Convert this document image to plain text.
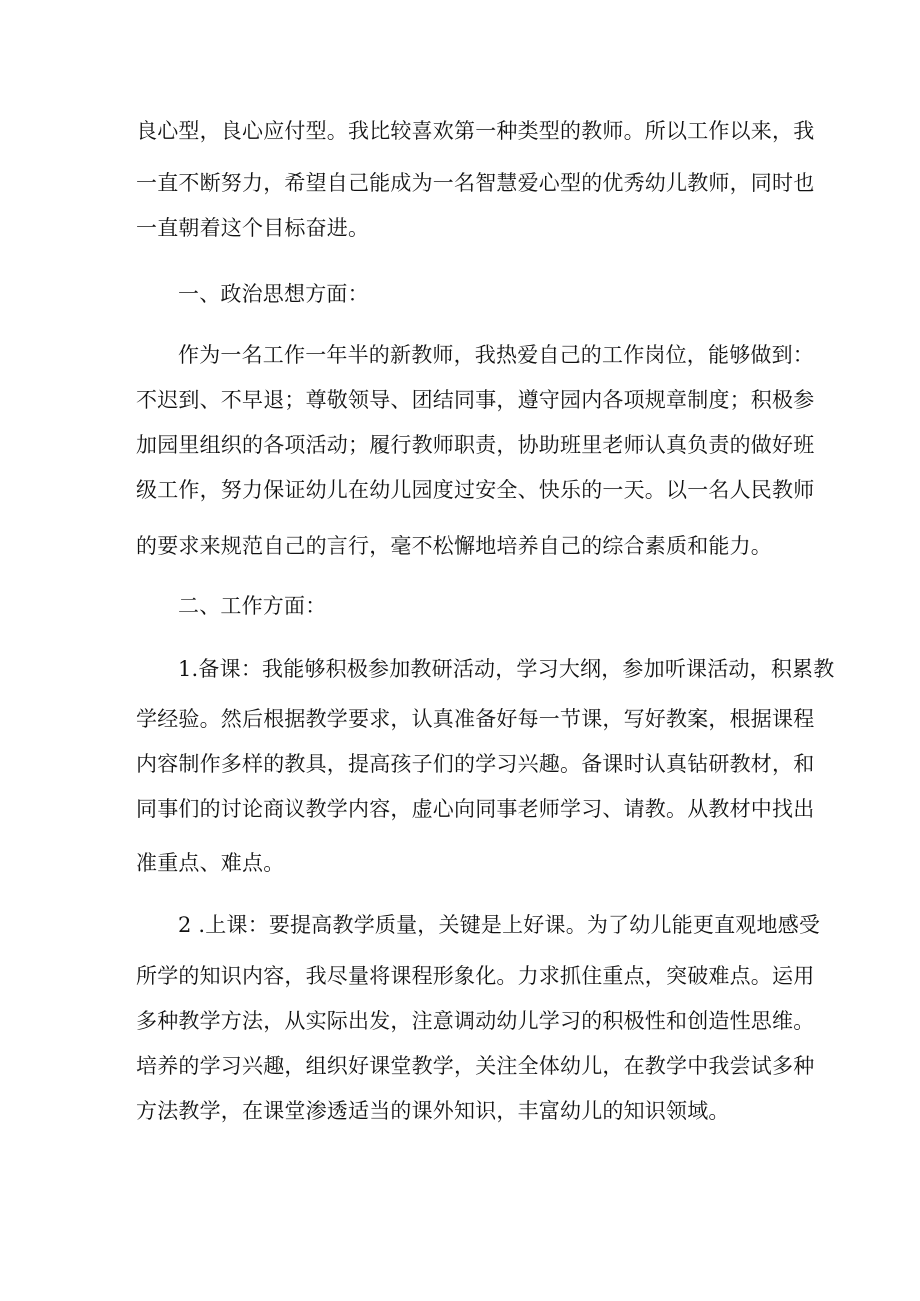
良心型，良心应付型。我比较喜欢第一种类型的教师。所以工作以来，我
一直不断努力，希望自己能成为一名智慧爱心型的优秀幼儿教师，同时也
一直朝着这个目标奋进。
一、政治思想方面：
作为一名工作一年半的新教师，我热爱自己的工作岗位，能够做到：
不迟到、不早退；尊敬领导、团结同事，遵守园内各项规章制度；积极参
加园里组织的各项活动；履行教师职责，协助班里老师认真负责的做好班
级工作，努力保证幼儿在幼儿园度过安全、快乐的一天。以一名人民教师
的要求来规范自己的言行，毫不松懈地培养自己的综合素质和能力。
二、工作方面：
1.备课：我能够积极参加教研活动，学习大纲，参加听课活动，积累教
学经验。然后根据教学要求，认真准备好每一节课，写好教案，根据课程
内容制作多样的教具，提高孩子们的学习兴趣。备课时认真钻研教材，和
同事们的讨论商议教学内容，虚心向同事老师学习、请教。从教材中找出
准重点、难点。
2 .上课：要提高教学质量，关键是上好课。为了幼儿能更直观地感受
所学的知识内容，我尽量将课程形象化。力求抓住重点，突破难点。运用
多种教学方法，从实际出发，注意调动幼儿学习的积极性和创造性思维。
培养的学习兴趣，组织好课堂教学，关注全体幼儿，在教学中我尝试多种
方法教学，在课堂渗透适当的课外知识，丰富幼儿的知识领域。
